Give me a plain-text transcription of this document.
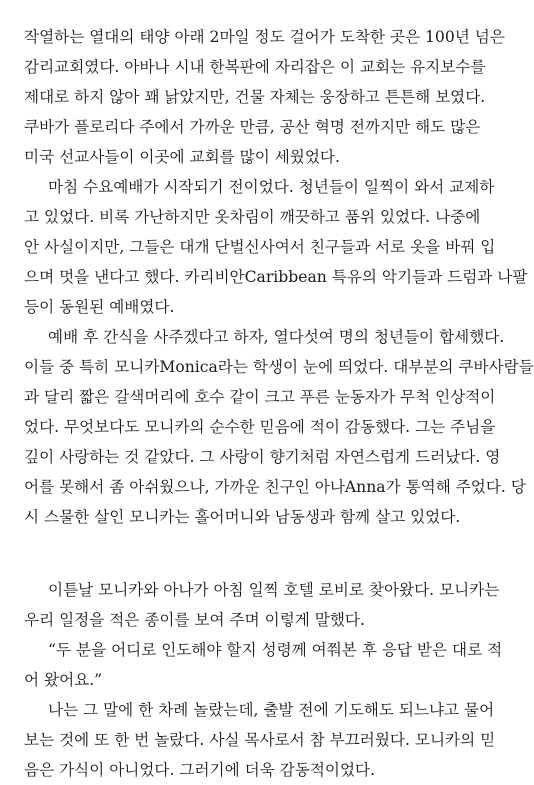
작열하는 열대의 태양 아래 2마일 정도 걸어가 도착한 곳은 100년 넘은
감리교회였다. 아바나 시내 한복판에 자리잡은 이 교회는 유지보수를
제대로 하지 않아 꽤 낡았지만, 건물 자체는 웅장하고 튼튼해 보였다.
쿠바가 플로리다 주에서 가까운 만큼, 공산 혁명 전까지만 해도 많은
미국 선교사들이 이곳에 교회를 많이 세웠었다.
마침 수요예배가 시작되기 전이었다. 청년들이 일찍이 와서 교제하
고 있었다. 비록 가난하지만 옷차림이 깨끗하고 품위 있었다. 나중에
안 사실이지만, 그들은 대개 단벌신사여서 친구들과 서로 옷을 바꿔 입
으며 멋을 낸다고 했다. 카리비안Caribbean 특유의 악기들과 드럼과 나팔
등이 동원된 예배였다.
예배 후 간식을 사주겠다고 하자, 열다섯여 명의 청년들이 합세했다.
이들 중 특히 모니카Monica라는 학생이 눈에 띄었다. 대부분의 쿠바사람들
과 달리 짧은 갈색머리에 호수 같이 크고 푸른 눈동자가 무척 인상적이
었다. 무엇보다도 모니카의 순수한 믿음에 적이 감동했다. 그는 주님을
깊이 사랑하는 것 같았다. 그 사랑이 향기처럼 자연스럽게 드러났다. 영
어를 못해서 좀 아쉬웠으나, 가까운 친구인 아나Anna가 통역해 주었다. 당
시 스물한 살인 모니카는 홀어머니와 남동생과 함께 살고 있었다.
이튿날 모니카와 아나가 아침 일찍 호텔 로비로 찾아왔다. 모니카는
우리 일정을 적은 종이를 보여 주며 이렇게 말했다.
“두 분을 어디로 인도해야 할지 성령께 여쭤본 후 응답 받은 대로 적
어 왔어요.”
나는 그 말에 한 차례 놀랐는데, 출발 전에 기도해도 되느냐고 물어
보는 것에 또 한 번 놀랐다. 사실 목사로서 참 부끄러웠다. 모니카의 믿
음은 가식이 아니었다. 그러기에 더욱 감동적이었다.
